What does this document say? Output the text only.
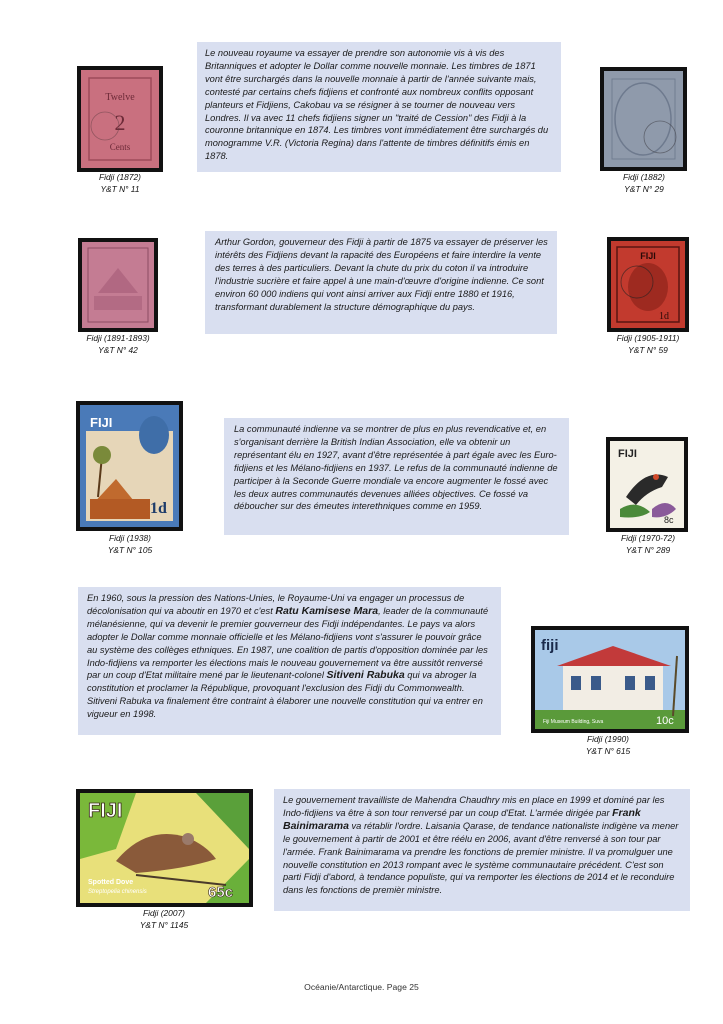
Le nouveau royaume va essayer de prendre son autonomie vis à vis des Britanniques et adopter le Dollar comme nouvelle monnaie. Les timbres de 1871 vont être surchargés dans la nouvelle monnaie à partir de l'année suivante mais, contesté par certains chefs fidjiens et confronté aux nombreux conflits opposant planteurs et Fidjiens, Cakobau va se résigner à se tourner de nouveau vers Londres. Il va avec 11 chefs fidjiens signer un "traité de Cession" des Fidji à la couronne britannique en 1874. Les timbres vont immédiatement être surchargés du monogramme V.R. (Victoria Regina) dans l'attente de timbres définitifs émis en 1878.
Arthur Gordon, gouverneur des Fidji à partir de 1875 va essayer de préserver les intérêts des Fidjiens devant la rapacité des Européens et faire interdire la vente des terres à des particuliers. Devant la chute du prix du coton il va introduire l'industrie sucrière et faire appel à une main-d'œuvre d'origine indienne. Ce sont environ 60 000 indiens qui vont ainsi arriver aux Fidji entre 1880 et 1916, transformant durablement la structure démographique du pays.
La communauté indienne va se montrer de plus en plus revendicative et, en s'organisant derrière la British Indian Association, elle va obtenir un représentant élu en 1927, avant d'être représentée à part égale avec les Euro-fidjiens et les Mélano-fidjiens en 1937. Le refus de la communauté indienne de participer à la Seconde Guerre mondiale va encore augmenter le fossé avec les deux autres communautés devenues alliées objectives. Ce fossé va déboucher sur des émeutes interethniques comme en 1959.
En 1960, sous la pression des Nations-Unies, le Royaume-Uni va engager un processus de décolonisation qui va aboutir en 1970 et c'est Ratu Kamisese Mara, leader de la communauté mélanésienne, qui va devenir le premier gouverneur des Fidji indépendantes. Le pays va alors adopter le Dollar comme monnaie officielle et les Mélano-fidjiens vont s'assurer le pouvoir grâce au système des collèges ethniques. En 1987, une coalition de partis d'opposition dominée par les Indo-fidjiens va remporter les élections mais le nouveau gouvernement va être aussitôt renversé par un coup d'Etat militaire mené par le lieutenant-colonel Sitiveni Rabuka qui va abroger la constitution et proclamer la République, provoquant l'exclusion des Fidji du Commonwealth. Sitiveni Rabuka va finalement être contraint à élaborer une nouvelle constitution qui va entrer en vigueur en 1998.
Le gouvernement travailliste de Mahendra Chaudhry mis en place en 1999 et dominé par les Indo-fidjiens va être à son tour renversé par un coup d'Etat. L'armée dirigée par Frank Bainimarama va rétablir l'ordre. Laisania Qarase, de tendance nationaliste indigène va mener le gouvernement à partir de 2001 et être réélu en 2006, avant d'être renversé à son tour par l'armée. Frank Bainimarama va prendre les fonctions de premier ministre. Il va promulguer une nouvelle constitution en 2013 rompant avec le système communautaire précédent. C'est son parti Fidji d'abord, à tendance populiste, qui va remporter les élections de 2014 et le reconduire dans les fonctions de premièr ministre.
Twelve
2
Cents
Fidji (1872)
Y&T N° 11
Fidji (1882)
Y&T N° 29
Fidji (1891-1893)
Y&T N° 42
FIJI
1d
Fidji (1905-1911)
Y&T N° 59
FIJI
1d
Fidji (1938)
Y&T N° 105
FIJI
8c
Fidji (1970-72)
Y&T N° 289
fiji
Fiji Museum Building, Suva	10c
Fidji (1990)
Y&T N° 615
FIJI
Spotted Dove
Streptopelia chinensis	65c
Fidji (2007)
Y&T N° 1145
Océanie/Antarctique. Page 25
